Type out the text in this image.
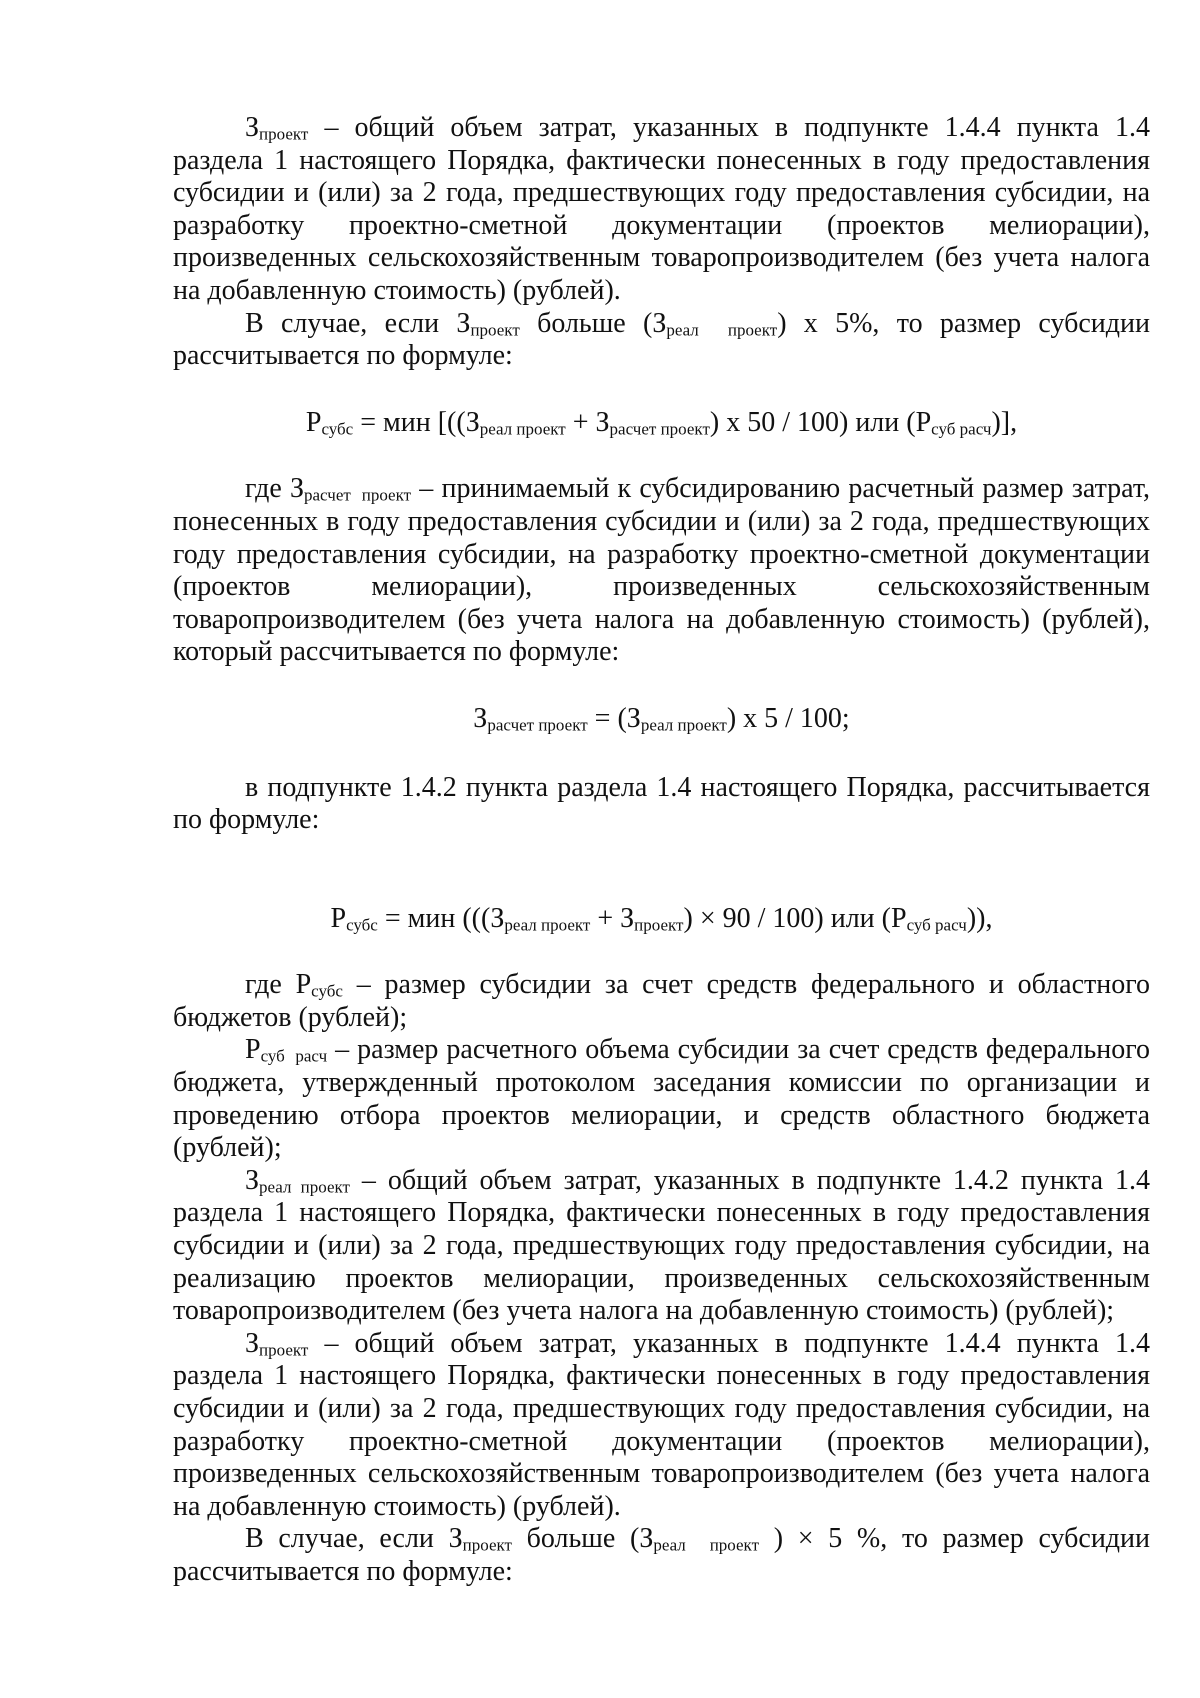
$З_{проект}$ – общий объем затрат, указанных в подпункте 1.4.4 пункта 1.4 раздела 1 настоящего Порядка, фактически понесенных в году предоставления субсидии и (или) за 2 года, предшествующих году предоставления субсидии, на разработку проектно-сметной документации (проектов мелиорации), произведенных сельскохозяйственным товаропроизводителем (без учета налога на добавленную стоимость) (рублей).

В случае, если $З_{проект}$ больше $(З_{реал проект})$ х 5%, то размер субсидии рассчитывается по формуле:

$Р_{субс}$ = мин [($(З_{реал проект} + З_{расчет проект})$ х 50 / 100) или $(Р_{суб расч})$],

где $З_{расчет проект}$ – принимаемый к субсидированию расчетный размер затрат, понесенных в году предоставления субсидии и (или) за 2 года, предшествующих году предоставления субсидии, на разработку проектно-сметной документации (проектов мелиорации), произведенных сельскохозяйственным товаропроизводителем (без учета налога на добавленную стоимость) (рублей), который рассчитывается по формуле:

$З_{расчет проект} = (З_{реал проект})$ х 5 / 100;

в подпункте 1.4.2 пункта раздела 1.4 настоящего Порядка, рассчитывается по формуле:

$Р_{субс}$ = мин ($((З_{реал проект} + З_{проект}) \times 90 / 100)$ или $(Р_{суб расч})$),

где $Р_{субс}$ – размер субсидии за счет средств федерального и областного бюджетов (рублей);

$Р_{суб расч}$ – размер расчетного объема субсидии за счет средств федерального бюджета, утвержденный протоколом заседания комиссии по организации и проведению отбора проектов мелиорации, и средств областного бюджета (рублей);

$З_{реал проект}$ – общий объем затрат, указанных в подпункте 1.4.2 пункта 1.4 раздела 1 настоящего Порядка, фактически понесенных в году предоставления субсидии и (или) за 2 года, предшествующих году предоставления субсидии, на реализацию проектов мелиорации, произведенных сельскохозяйственным товаропроизводителем (без учета налога на добавленную стоимость) (рублей);

$З_{проект}$ – общий объем затрат, указанных в подпункте 1.4.4 пункта 1.4 раздела 1 настоящего Порядка, фактически понесенных в году предоставления субсидии и (или) за 2 года, предшествующих году предоставления субсидии, на разработку проектно-сметной документации (проектов мелиорации), произведенных сельскохозяйственным товаропроизводителем (без учета налога на добавленную стоимость) (рублей).

В случае, если $З_{проект}$ больше ($З_{реал проект}$ ) × 5 %, то размер субсидии рассчитывается по формуле:
